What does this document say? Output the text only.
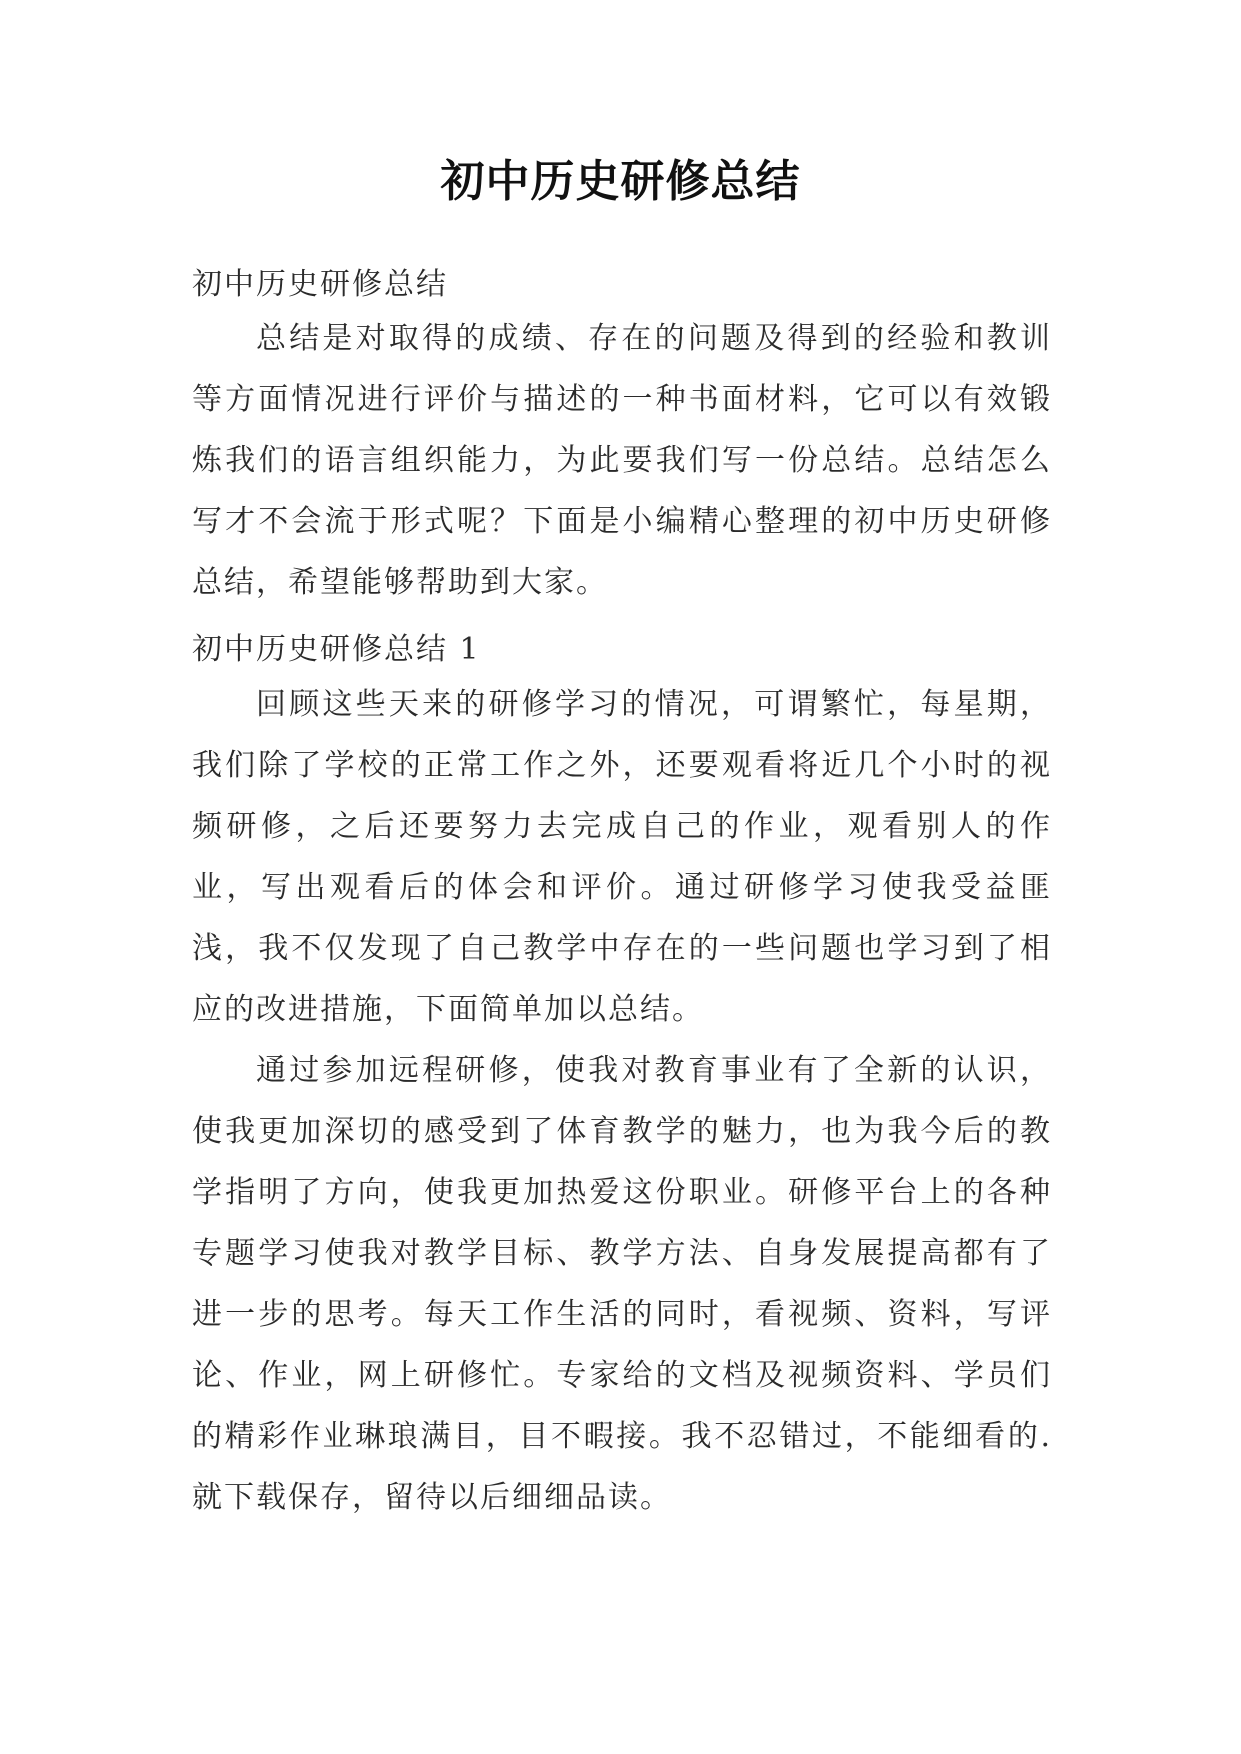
初中历史研修总结
初中历史研修总结

总结是对取得的成绩、存在的问题及得到的经验和教训等方面情况进行评价与描述的一种书面材料，它可以有效锻炼我们的语言组织能力，为此要我们写一份总结。总结怎么写才不会流于形式呢？下面是小编精心整理的初中历史研修总结，希望能够帮助到大家。

初中历史研修总结 1

回顾这些天来的研修学习的情况，可谓繁忙，每星期，我们除了学校的正常工作之外，还要观看将近几个小时的视频研修，之后还要努力去完成自己的作业，观看别人的作业，写出观看后的体会和评价。通过研修学习使我受益匪浅，我不仅发现了自己教学中存在的一些问题也学习到了相应的改进措施，下面简单加以总结。

通过参加远程研修，使我对教育事业有了全新的认识，使我更加深切的感受到了体育教学的魅力，也为我今后的教学指明了方向，使我更加热爱这份职业。研修平台上的各种专题学习使我对教学目标、教学方法、自身发展提高都有了进一步的思考。每天工作生活的同时，看视频、资料，写评论、作业，网上研修忙。专家给的文档及视频资料、学员们的精彩作业琳琅满目，目不暇接。我不忍错过，不能细看的.就下载保存，留待以后细细品读。
